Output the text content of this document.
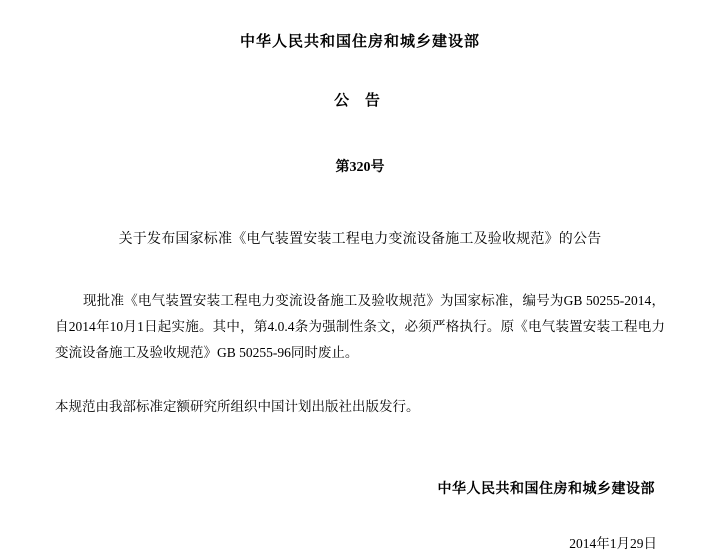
中华人民共和国住房和城乡建设部
公 告
第320号
关于发布国家标准《电气装置安装工程电力变流设备施工及验收规范》的公告
现批准《电气装置安装工程电力变流设备施工及验收规范》为国家标准，编号为GB 50255-2014，自2014年10月1日起实施。其中，第4.0.4条为强制性条文，必须严格执行。原《电气装置安装工程电力变流设备施工及验收规范》GB 50255-96同时废止。
本规范由我部标准定额研究所组织中国计划出版社出版发行。
中华人民共和国住房和城乡建设部
2014年1月29日
